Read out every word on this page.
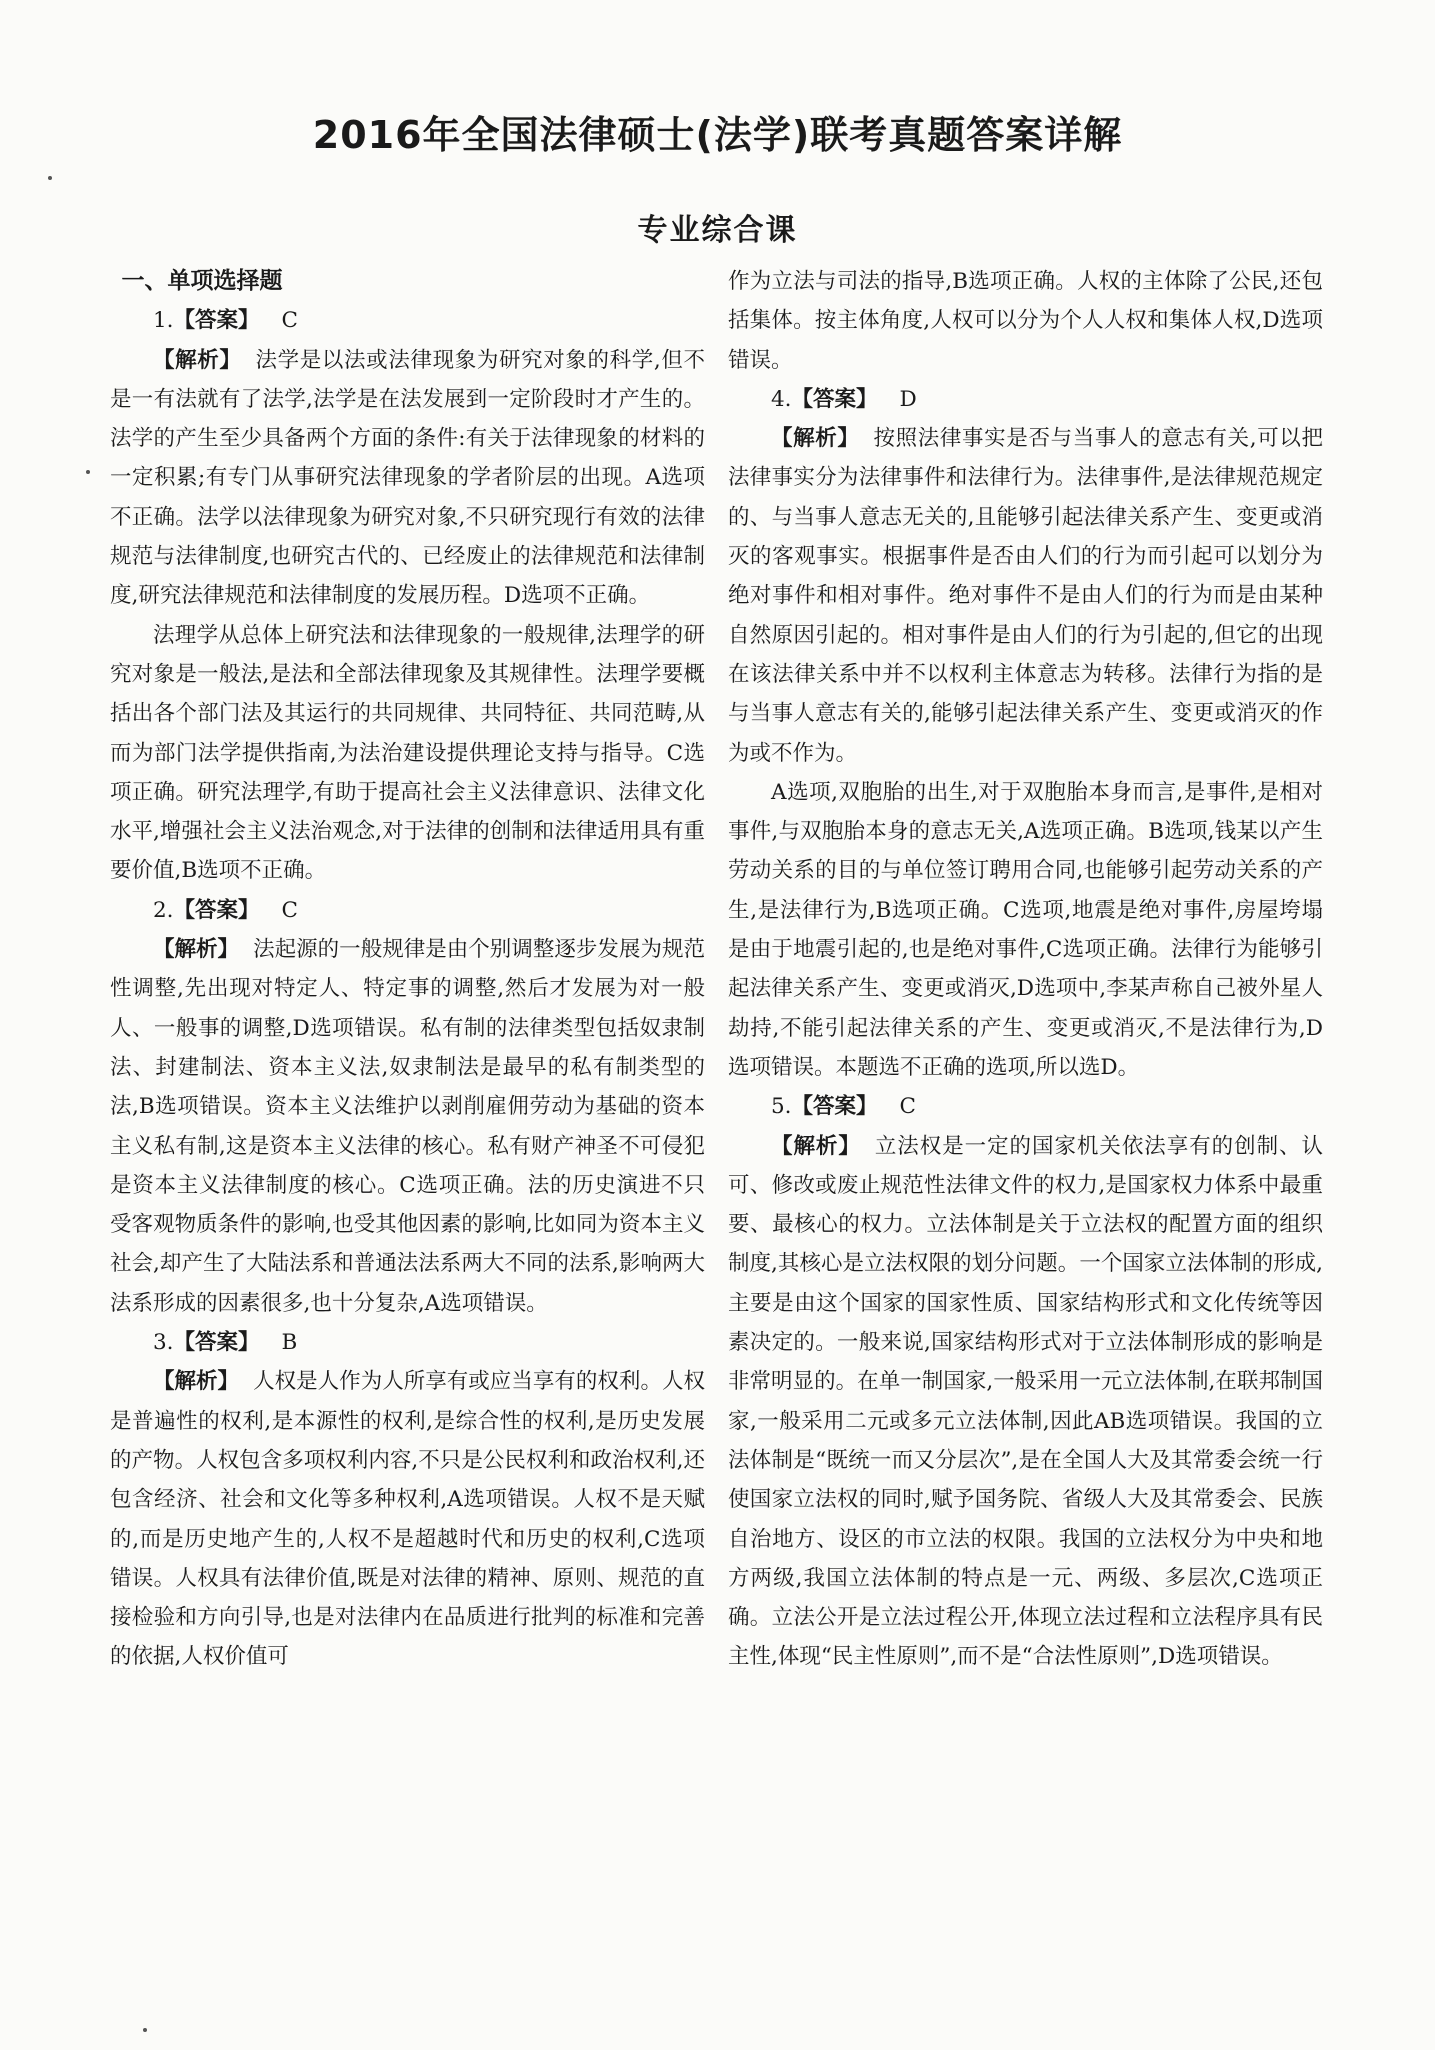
2016年全国法律硕士(法学)联考真题答案详解
专业综合课

一、单项选择题

1.【答案】 C

【解析】 法学是以法或法律现象为研究对象的科学,但不是一有法就有了法学,法学是在法发展到一定阶段时才产生的。法学的产生至少具备两个方面的条件:有关于法律现象的材料的一定积累;有专门从事研究法律现象的学者阶层的出现。A选项不正确。法学以法律现象为研究对象,不只研究现行有效的法律规范与法律制度,也研究古代的、已经废止的法律规范和法律制度,研究法律规范和法律制度的发展历程。D选项不正确。

法理学从总体上研究法和法律现象的一般规律,法理学的研究对象是一般法,是法和全部法律现象及其规律性。法理学要概括出各个部门法及其运行的共同规律、共同特征、共同范畴,从而为部门法学提供指南,为法治建设提供理论支持与指导。C选项正确。研究法理学,有助于提高社会主义法律意识、法律文化水平,增强社会主义法治观念,对于法律的创制和法律适用具有重要价值,B选项不正确。

2.【答案】 C

【解析】 法起源的一般规律是由个别调整逐步发展为规范性调整,先出现对特定人、特定事的调整,然后才发展为对一般人、一般事的调整,D选项错误。私有制的法律类型包括奴隶制法、封建制法、资本主义法,奴隶制法是最早的私有制类型的法,B选项错误。资本主义法维护以剥削雇佣劳动为基础的资本主义私有制,这是资本主义法律的核心。私有财产神圣不可侵犯是资本主义法律制度的核心。C选项正确。法的历史演进不只受客观物质条件的影响,也受其他因素的影响,比如同为资本主义社会,却产生了大陆法系和普通法法系两大不同的法系,影响两大法系形成的因素很多,也十分复杂,A选项错误。

3.【答案】 B

【解析】 人权是人作为人所享有或应当享有的权利。人权是普遍性的权利,是本源性的权利,是综合性的权利,是历史发展的产物。人权包含多项权利内容,不只是公民权利和政治权利,还包含经济、社会和文化等多种权利,A选项错误。人权不是天赋的,而是历史地产生的,人权不是超越时代和历史的权利,C选项错误。人权具有法律价值,既是对法律的精神、原则、规范的直接检验和方向引导,也是对法律内在品质进行批判的标准和完善的依据,人权价值可

作为立法与司法的指导,B选项正确。人权的主体除了公民,还包括集体。按主体角度,人权可以分为个人人权和集体人权,D选项错误。

4.【答案】 D

【解析】 按照法律事实是否与当事人的意志有关,可以把法律事实分为法律事件和法律行为。法律事件,是法律规范规定的、与当事人意志无关的,且能够引起法律关系产生、变更或消灭的客观事实。根据事件是否由人们的行为而引起可以划分为绝对事件和相对事件。绝对事件不是由人们的行为而是由某种自然原因引起的。相对事件是由人们的行为引起的,但它的出现在该法律关系中并不以权利主体意志为转移。法律行为指的是与当事人意志有关的,能够引起法律关系产生、变更或消灭的作为或不作为。

A选项,双胞胎的出生,对于双胞胎本身而言,是事件,是相对事件,与双胞胎本身的意志无关,A选项正确。B选项,钱某以产生劳动关系的目的与单位签订聘用合同,也能够引起劳动关系的产生,是法律行为,B选项正确。C选项,地震是绝对事件,房屋垮塌是由于地震引起的,也是绝对事件,C选项正确。法律行为能够引起法律关系产生、变更或消灭,D选项中,李某声称自己被外星人劫持,不能引起法律关系的产生、变更或消灭,不是法律行为,D选项错误。本题选不正确的选项,所以选D。

5.【答案】 C

【解析】 立法权是一定的国家机关依法享有的创制、认可、修改或废止规范性法律文件的权力,是国家权力体系中最重要、最核心的权力。立法体制是关于立法权的配置方面的组织制度,其核心是立法权限的划分问题。一个国家立法体制的形成,主要是由这个国家的国家性质、国家结构形式和文化传统等因素决定的。一般来说,国家结构形式对于立法体制形成的影响是非常明显的。在单一制国家,一般采用一元立法体制,在联邦制国家,一般采用二元或多元立法体制,因此AB选项错误。我国的立法体制是“既统一而又分层次”,是在全国人大及其常委会统一行使国家立法权的同时,赋予国务院、省级人大及其常委会、民族自治地方、设区的市立法的权限。我国的立法权分为中央和地方两级,我国立法体制的特点是一元、两级、多层次,C选项正确。立法公开是立法过程公开,体现立法过程和立法程序具有民主性,体现“民主性原则”,而不是“合法性原则”,D选项错误。
